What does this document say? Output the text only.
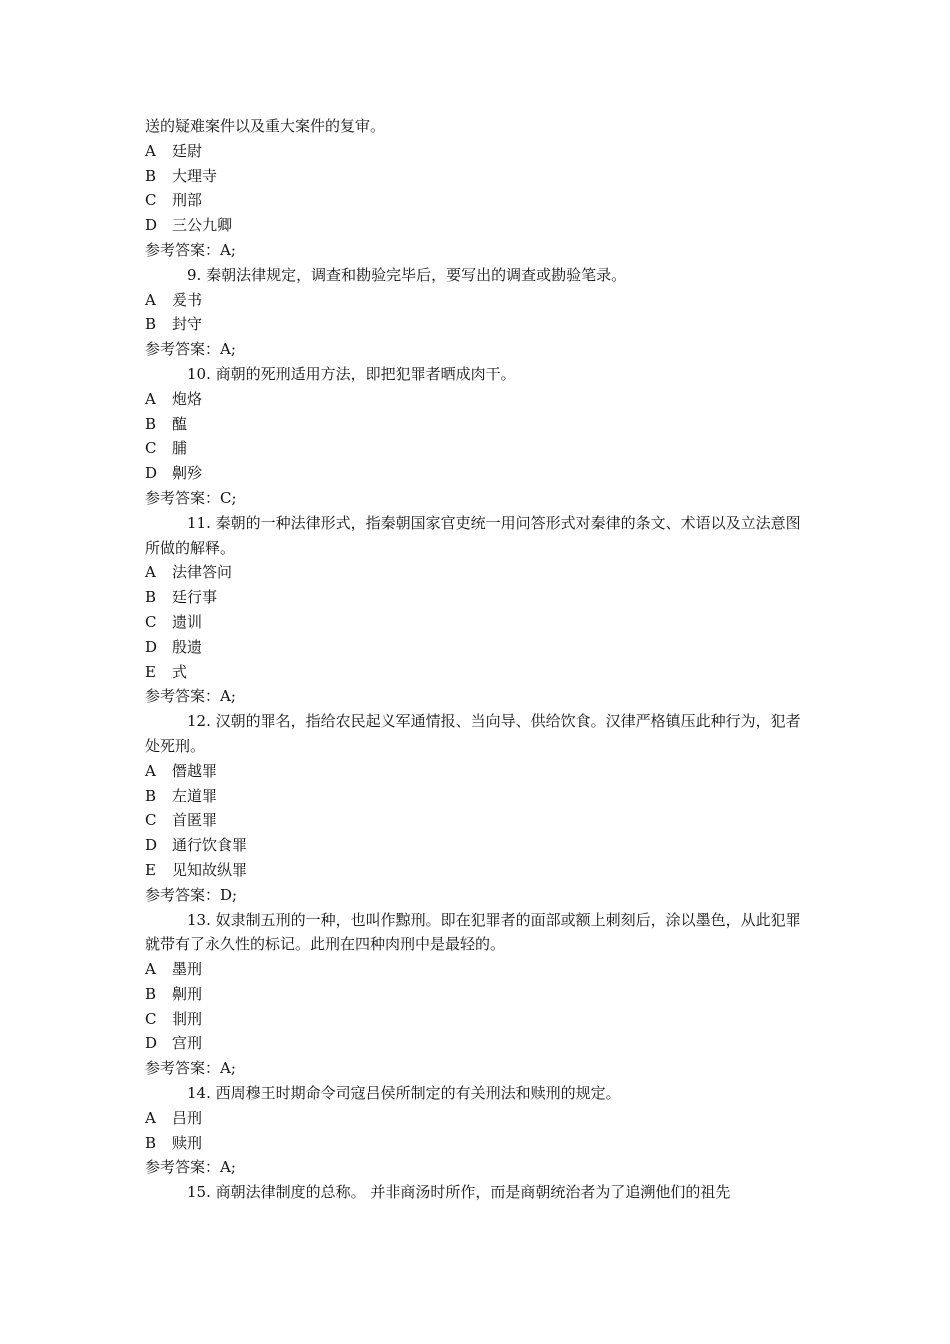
送的疑难案件以及重大案件的复审。
A 廷尉
B 大理寺
C 刑部
D 三公九卿
参考答案：A;
9. 秦朝法律规定，调查和勘验完毕后，要写出的调查或勘验笔录。
A 爰书
B 封守
参考答案：A;
10. 商朝的死刑适用方法，即把犯罪者晒成肉干。
A 炮烙
B 醢
C 脯
D 劓殄
参考答案：C;
11. 秦朝的一种法律形式，指秦朝国家官吏统一用问答形式对秦律的条文、术语以及立法意图所做的解释。
A 法律答问
B 廷行事
C 遗训
D 殷遗
E 式
参考答案：A;
12. 汉朝的罪名，指给农民起义军通情报、当向导、供给饮食。汉律严格镇压此种行为，犯者处死刑。
A 僭越罪
B 左道罪
C 首匿罪
D 通行饮食罪
E 见知故纵罪
参考答案：D;
13. 奴隶制五刑的一种，也叫作黥刑。即在犯罪者的面部或额上刺刻后，涂以墨色，从此犯罪就带有了永久性的标记。此刑在四种肉刑中是最轻的。
A 墨刑
B 劓刑
C 剕刑
D 宫刑
参考答案：A;
14. 西周穆王时期命令司寇吕侯所制定的有关刑法和赎刑的规定。
A 吕刑
B 赎刑
参考答案：A;
15. 商朝法律制度的总称。 并非商汤时所作，而是商朝统治者为了追溯他们的祖先
